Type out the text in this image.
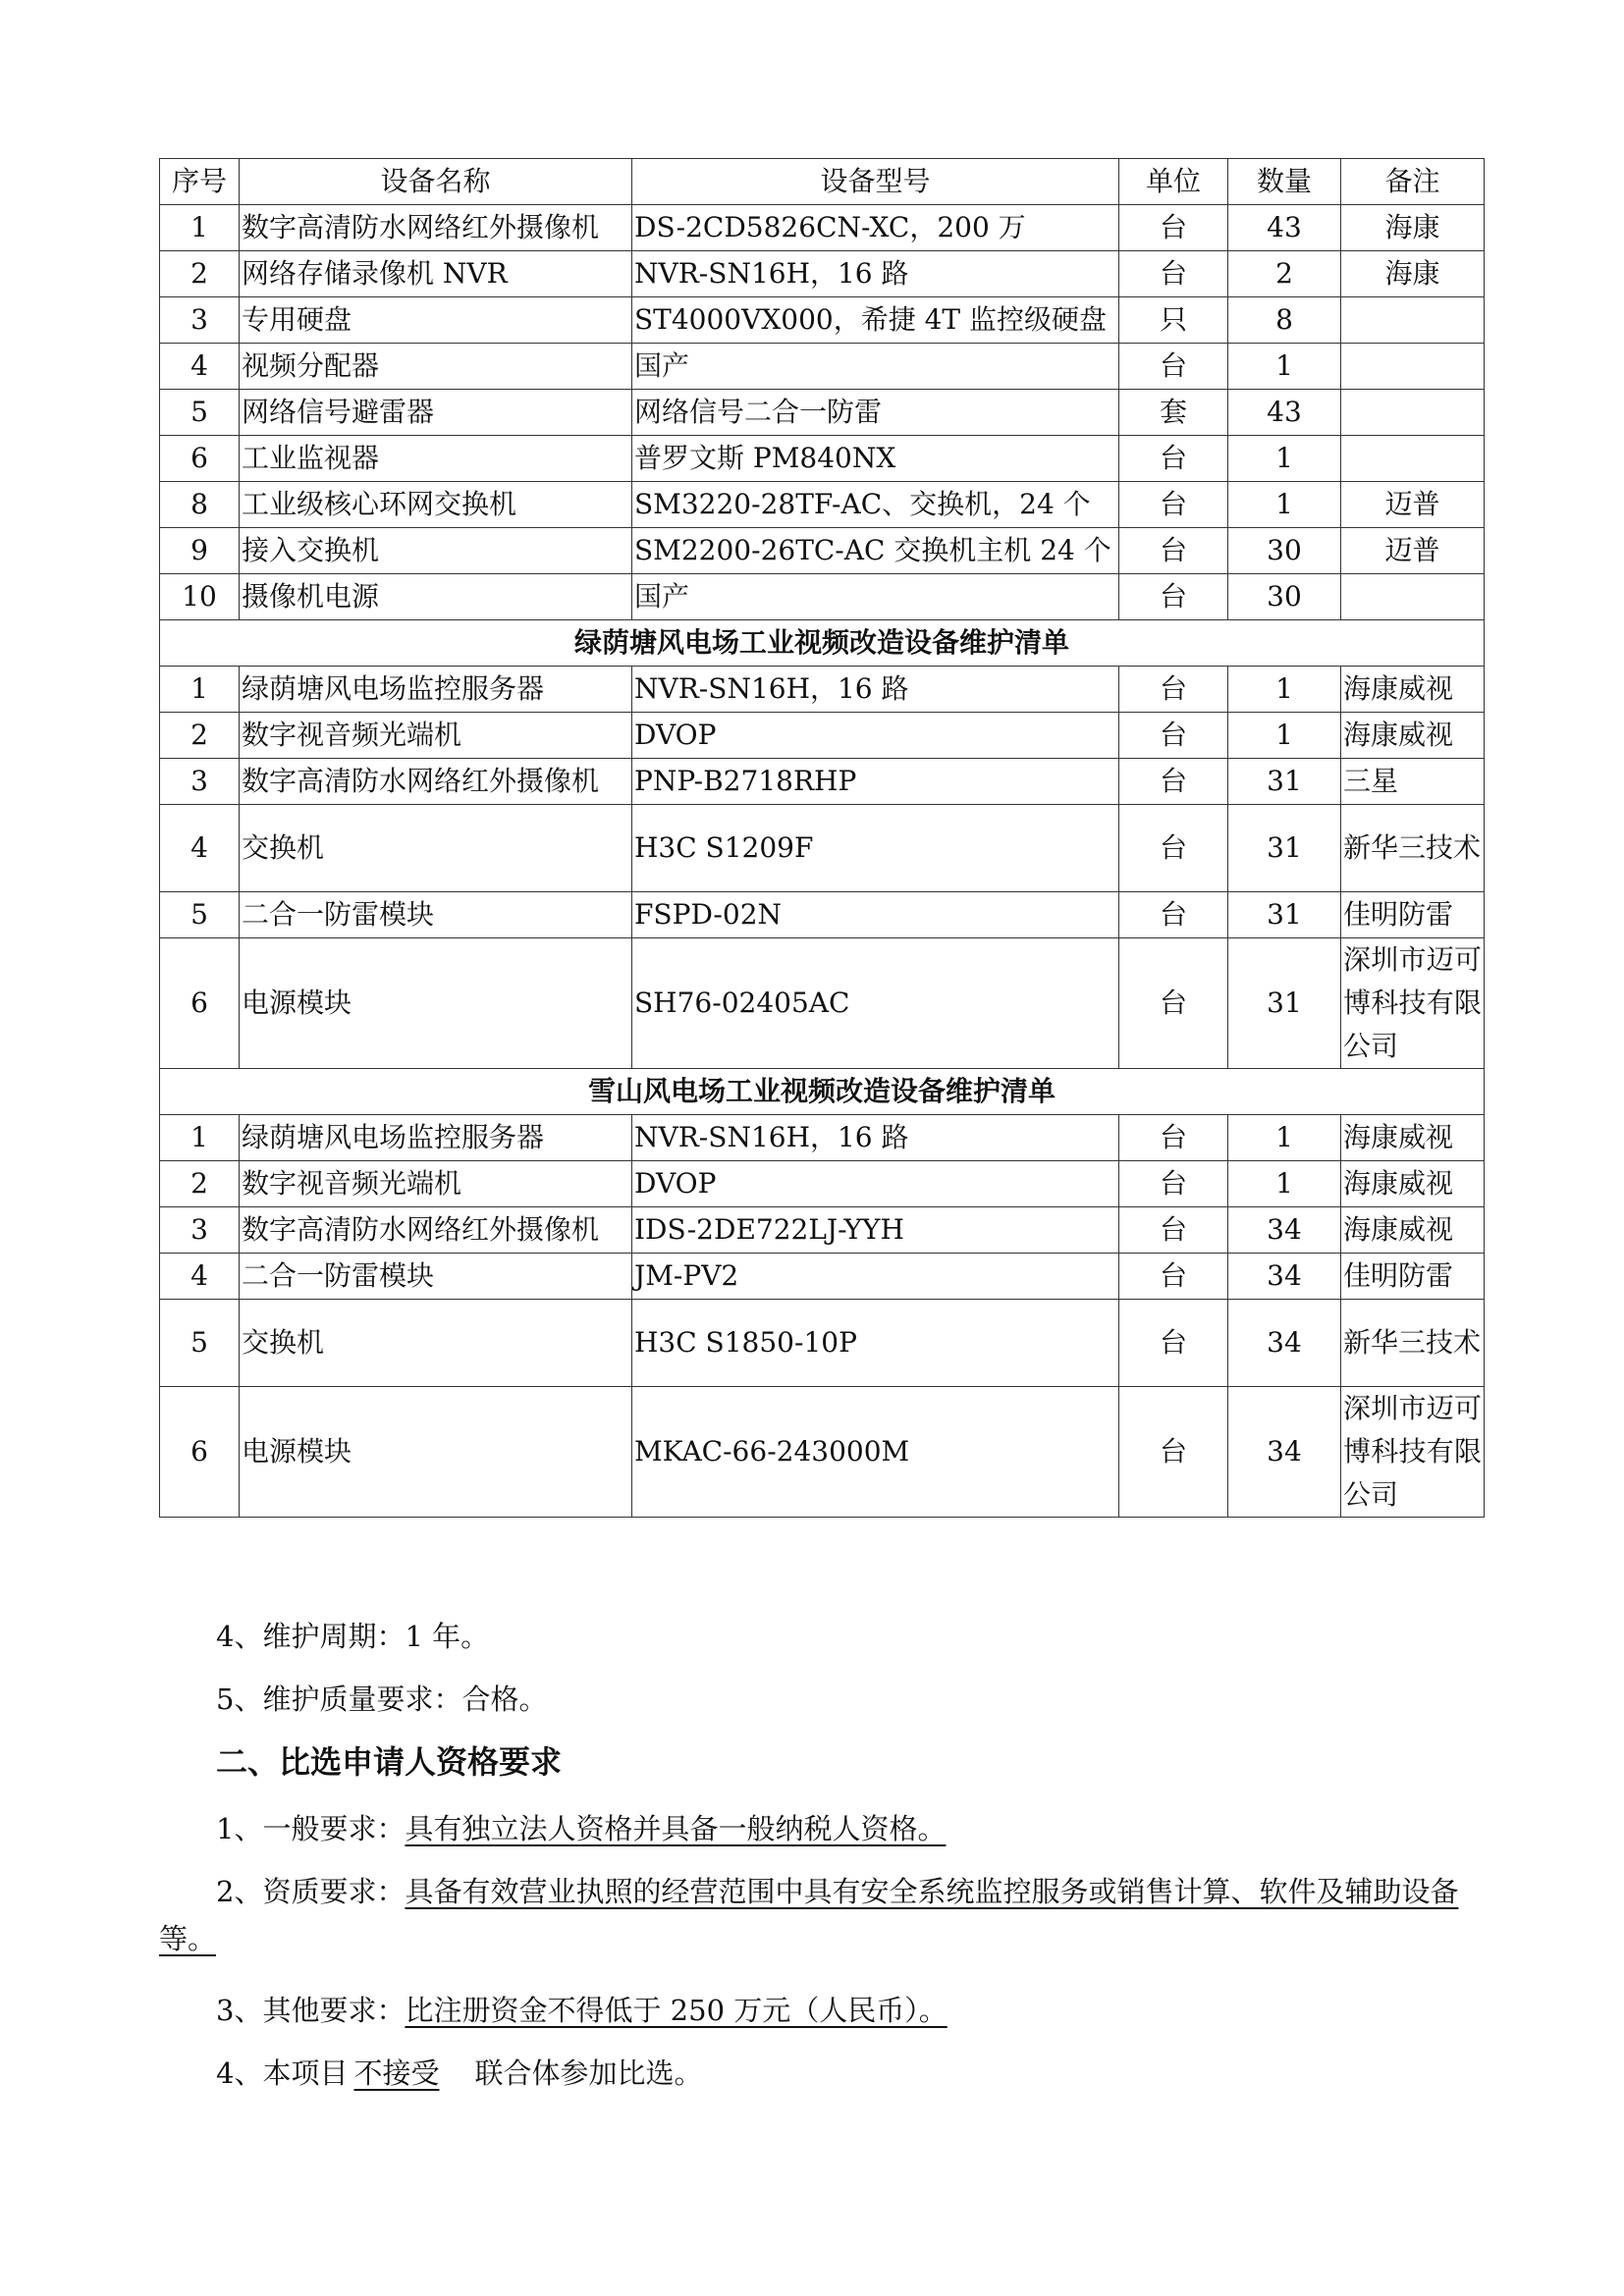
序号	设备名称	设备型号	单位	数量	备注
1	数字高清防水网络红外摄像机	DS-2CD5826CN-XC，200 万	台	43	海康
2	网络存储录像机 NVR	NVR-SN16H，16 路	台	2	海康
3	专用硬盘	ST4000VX000，希捷 4T 监控级硬盘	只	8	
4	视频分配器	国产	台	1	
5	网络信号避雷器	网络信号二合一防雷	套	43	
6	工业监视器	普罗文斯 PM840NX	台	1	
8	工业级核心环网交换机	SM3220-28TF-AC、交换机，24 个	台	1	迈普
9	接入交换机	SM2200-26TC-AC 交换机主机 24 个	台	30	迈普
10	摄像机电源	国产	台	30	
绿荫塘风电场工业视频改造设备维护清单					
1	绿荫塘风电场监控服务器	NVR-SN16H，16 路	台	1	海康威视
2	数字视音频光端机	DVOP	台	1	海康威视
3	数字高清防水网络红外摄像机	PNP-B2718RHP	台	31	三星
4	交换机	H3C S1209F	台	31	新华三技术
5	二合一防雷模块	FSPD-02N	台	31	佳明防雷
6	电源模块	SH76-02405AC	台	31	深圳市迈可博科技有限公司
雪山风电场工业视频改造设备维护清单					
1	绿荫塘风电场监控服务器	NVR-SN16H，16 路	台	1	海康威视
2	数字视音频光端机	DVOP	台	1	海康威视
3	数字高清防水网络红外摄像机	IDS-2DE722LJ-YYH	台	34	海康威视
4	二合一防雷模块	JM-PV2	台	34	佳明防雷
5	交换机	H3C S1850-10P	台	34	新华三技术
6	电源模块	MKAC-66-243000M	台	34	深圳市迈可博科技有限公司

4、维护周期：1 年。

5、维护质量要求：合格。

二、比选申请人资格要求

1、一般要求：具有独立法人资格并具备一般纳税人资格。

2、资质要求：具备有效营业执照的经营范围中具有安全系统监控服务或销售计算、软件及辅助设备等。

3、其他要求：比注册资金不得低于 250 万元（人民币）。

4、本项目 不接受 联合体参加比选。
